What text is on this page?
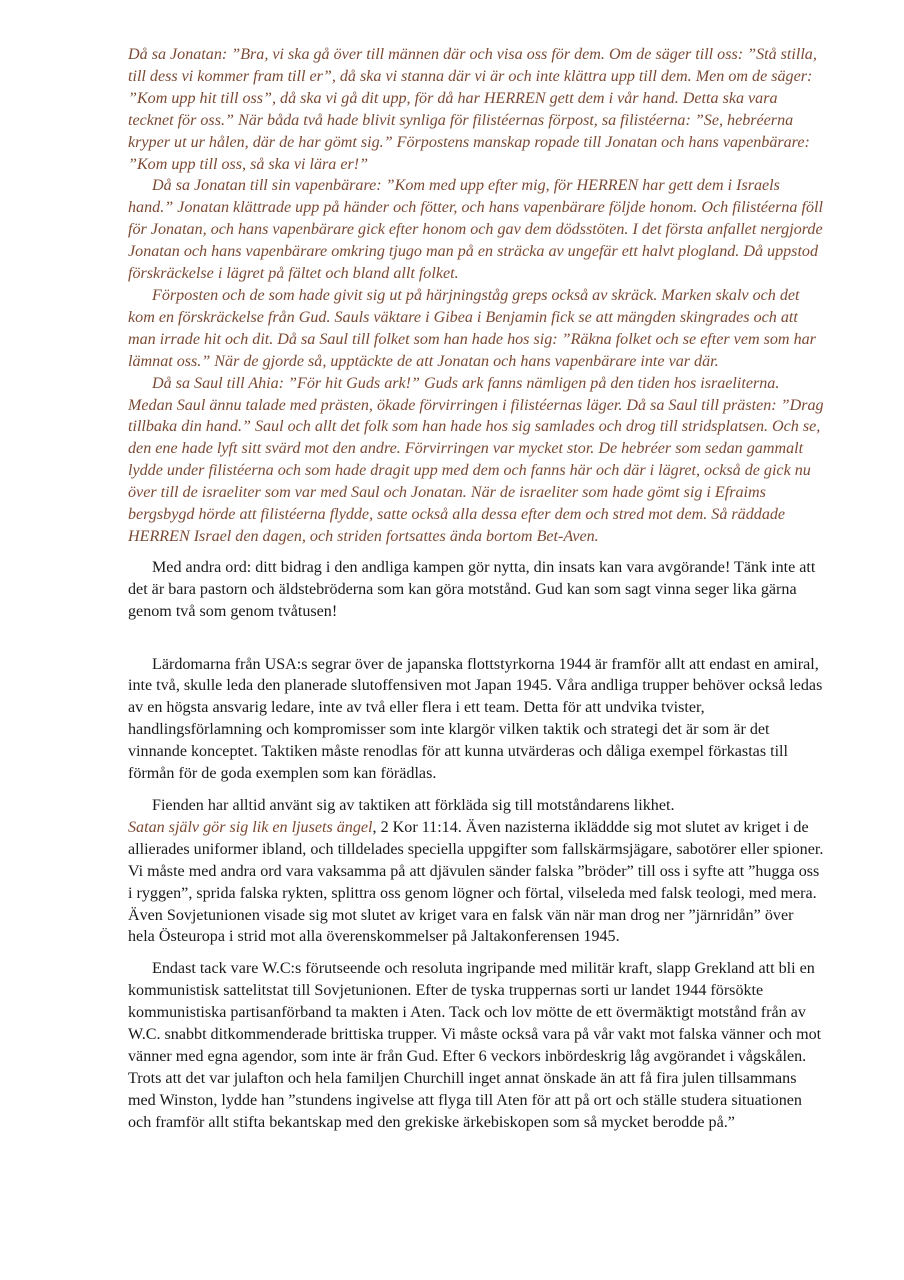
Då sa Jonatan: ”Bra, vi ska gå över till männen där och visa oss för dem. Om de säger till oss: ”Stå stilla, till dess vi kommer fram till er”, då ska vi stanna där vi är och inte klättra upp till dem. Men om de säger: ”Kom upp hit till oss”, då ska vi gå dit upp, för då har HERREN gett dem i vår hand. Detta ska vara tecknet för oss.” När båda två hade blivit synliga för filistéernas förpost, sa filistéerna: ”Se, hebréerna kryper ut ur hålen, där de har gömt sig.” Förpostens manskap ropade till Jonatan och hans vapenbärare: ”Kom upp till oss, så ska vi lära er!”

Då sa Jonatan till sin vapenbärare: ”Kom med upp efter mig, för HERREN har gett dem i Israels hand.” Jonatan klättrade upp på händer och fötter, och hans vapenbärare följde honom. Och filistéerna föll för Jonatan, och hans vapenbärare gick efter honom och gav dem dödsstöten. I det första anfallet nergjorde Jonatan och hans vapenbärare omkring tjugo man på en sträcka av ungefär ett halvt plogland. Då uppstod förskräckelse i lägret på fältet och bland allt folket.

Förposten och de som hade givit sig ut på härjningståg greps också av skräck. Marken skalv och det kom en förskräckelse från Gud. Sauls väktare i Gibea i Benjamin fick se att mängden skingrades och att man irrade hit och dit. Då sa Saul till folket som han hade hos sig: ”Räkna folket och se efter vem som har lämnat oss.” När de gjorde så, upptäckte de att Jonatan och hans vapenbärare inte var där.

Då sa Saul till Ahia: ”För hit Guds ark!” Guds ark fanns nämligen på den tiden hos israeliterna. Medan Saul ännu talade med prästen, ökade förvirringen i filistéernas läger. Då sa Saul till prästen: ”Drag tillbaka din hand.” Saul och allt det folk som han hade hos sig samlades och drog till stridsplatsen. Och se, den ene hade lyft sitt svärd mot den andre. Förvirringen var mycket stor. De hebréer som sedan gammalt lydde under filistéerna och som hade dragit upp med dem och fanns här och där i lägret, också de gick nu över till de israeliter som var med Saul och Jonatan. När de israeliter som hade gömt sig i Efraims bergsbygd hörde att filistéerna flydde, satte också alla dessa efter dem och stred mot dem. Så räddade HERREN Israel den dagen, och striden fortsattes ända bortom Bet-Aven.

Med andra ord: ditt bidrag i den andliga kampen gör nytta, din insats kan vara avgörande! Tänk inte att det är bara pastorn och äldstebröderna som kan göra motstånd. Gud kan som sagt vinna seger lika gärna genom två som genom tvåtusen!

Lärdomarna från USA:s segrar över de japanska flottstyrkorna 1944 är framför allt att endast en amiral, inte två, skulle leda den planerade slutoffensiven mot Japan 1945. Våra andliga trupper behöver också ledas av en högsta ansvarig ledare, inte av två eller flera i ett team. Detta för att undvika tvister, handlingsförlamning och kompromisser som inte klargör vilken taktik och strategi det är som är det vinnande konceptet. Taktiken måste renodlas för att kunna utvärderas och dåliga exempel förkastas till förmån för de goda exemplen som kan förädlas.

Fienden har alltid använt sig av taktiken att förkläda sig till motståndarens likhet.
Satan själv gör sig lik en ljusets ängel, 2 Kor 11:14. Även nazisterna ikläddde sig mot slutet av kriget i de allierades uniformer ibland, och tilldelades speciella uppgifter som fallskärmsjägare, sabotörer eller spioner. Vi måste med andra ord vara vaksamma på att djävulen sänder falska ”bröder” till oss i syfte att ”hugga oss i ryggen”, sprida falska rykten, splittra oss genom lögner och förtal, vilseleda med falsk teologi, med mera. Även Sovjetunionen visade sig mot slutet av kriget vara en falsk vän när man drog ner ”järnridån” över hela Östeuropa i strid mot alla överenskommelser på Jaltakonferensen 1945.

Endast tack vare W.C:s förutseende och resoluta ingripande med militär kraft, slapp Grekland att bli en kommunistisk sattelitstat till Sovjetunionen. Efter de tyska truppernas sorti ur landet 1944 försökte kommunistiska partisanförband ta makten i Aten. Tack och lov mötte de ett övermäktigt motstånd från av W.C. snabbt ditkommenderade brittiska trupper. Vi måste också vara på vår vakt mot falska vänner och mot vänner med egna agendor, som inte är från Gud. Efter 6 veckors inbördeskrig låg avgörandet i vågskålen. Trots att det var julafton och hela familjen Churchill inget annat önskade än att få fira julen tillsammans med Winston, lydde han ”stundens ingivelse att flyga till Aten för att på ort och ställe studera situationen och framför allt stifta bekantskap med den grekiske ärkebiskopen som så mycket berodde på.”
